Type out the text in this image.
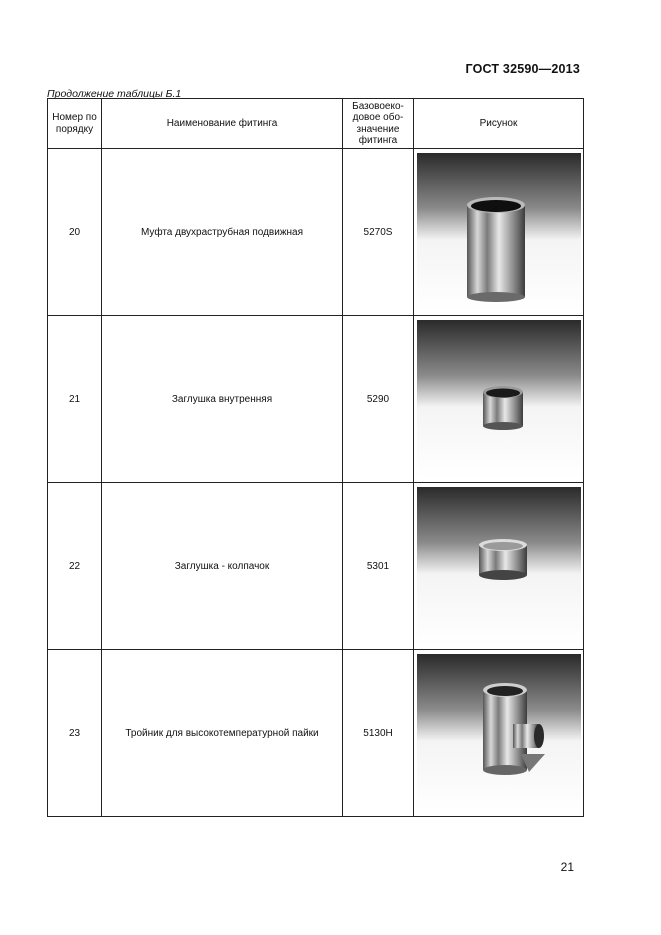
ГОСТ 32590—2013
Продолжение таблицы Б.1
Номер по порядку	Наименование фитинга	Базовоеко-довое обо-значение фитинга	Рисунок
20	Муфта двухраструбная подвижная	5270S	

21	Заглушка внутренняя	5290	

22	Заглушка - колпачок	5301	

23	Тройник для высокотемпературной пайки	5130H	
21
